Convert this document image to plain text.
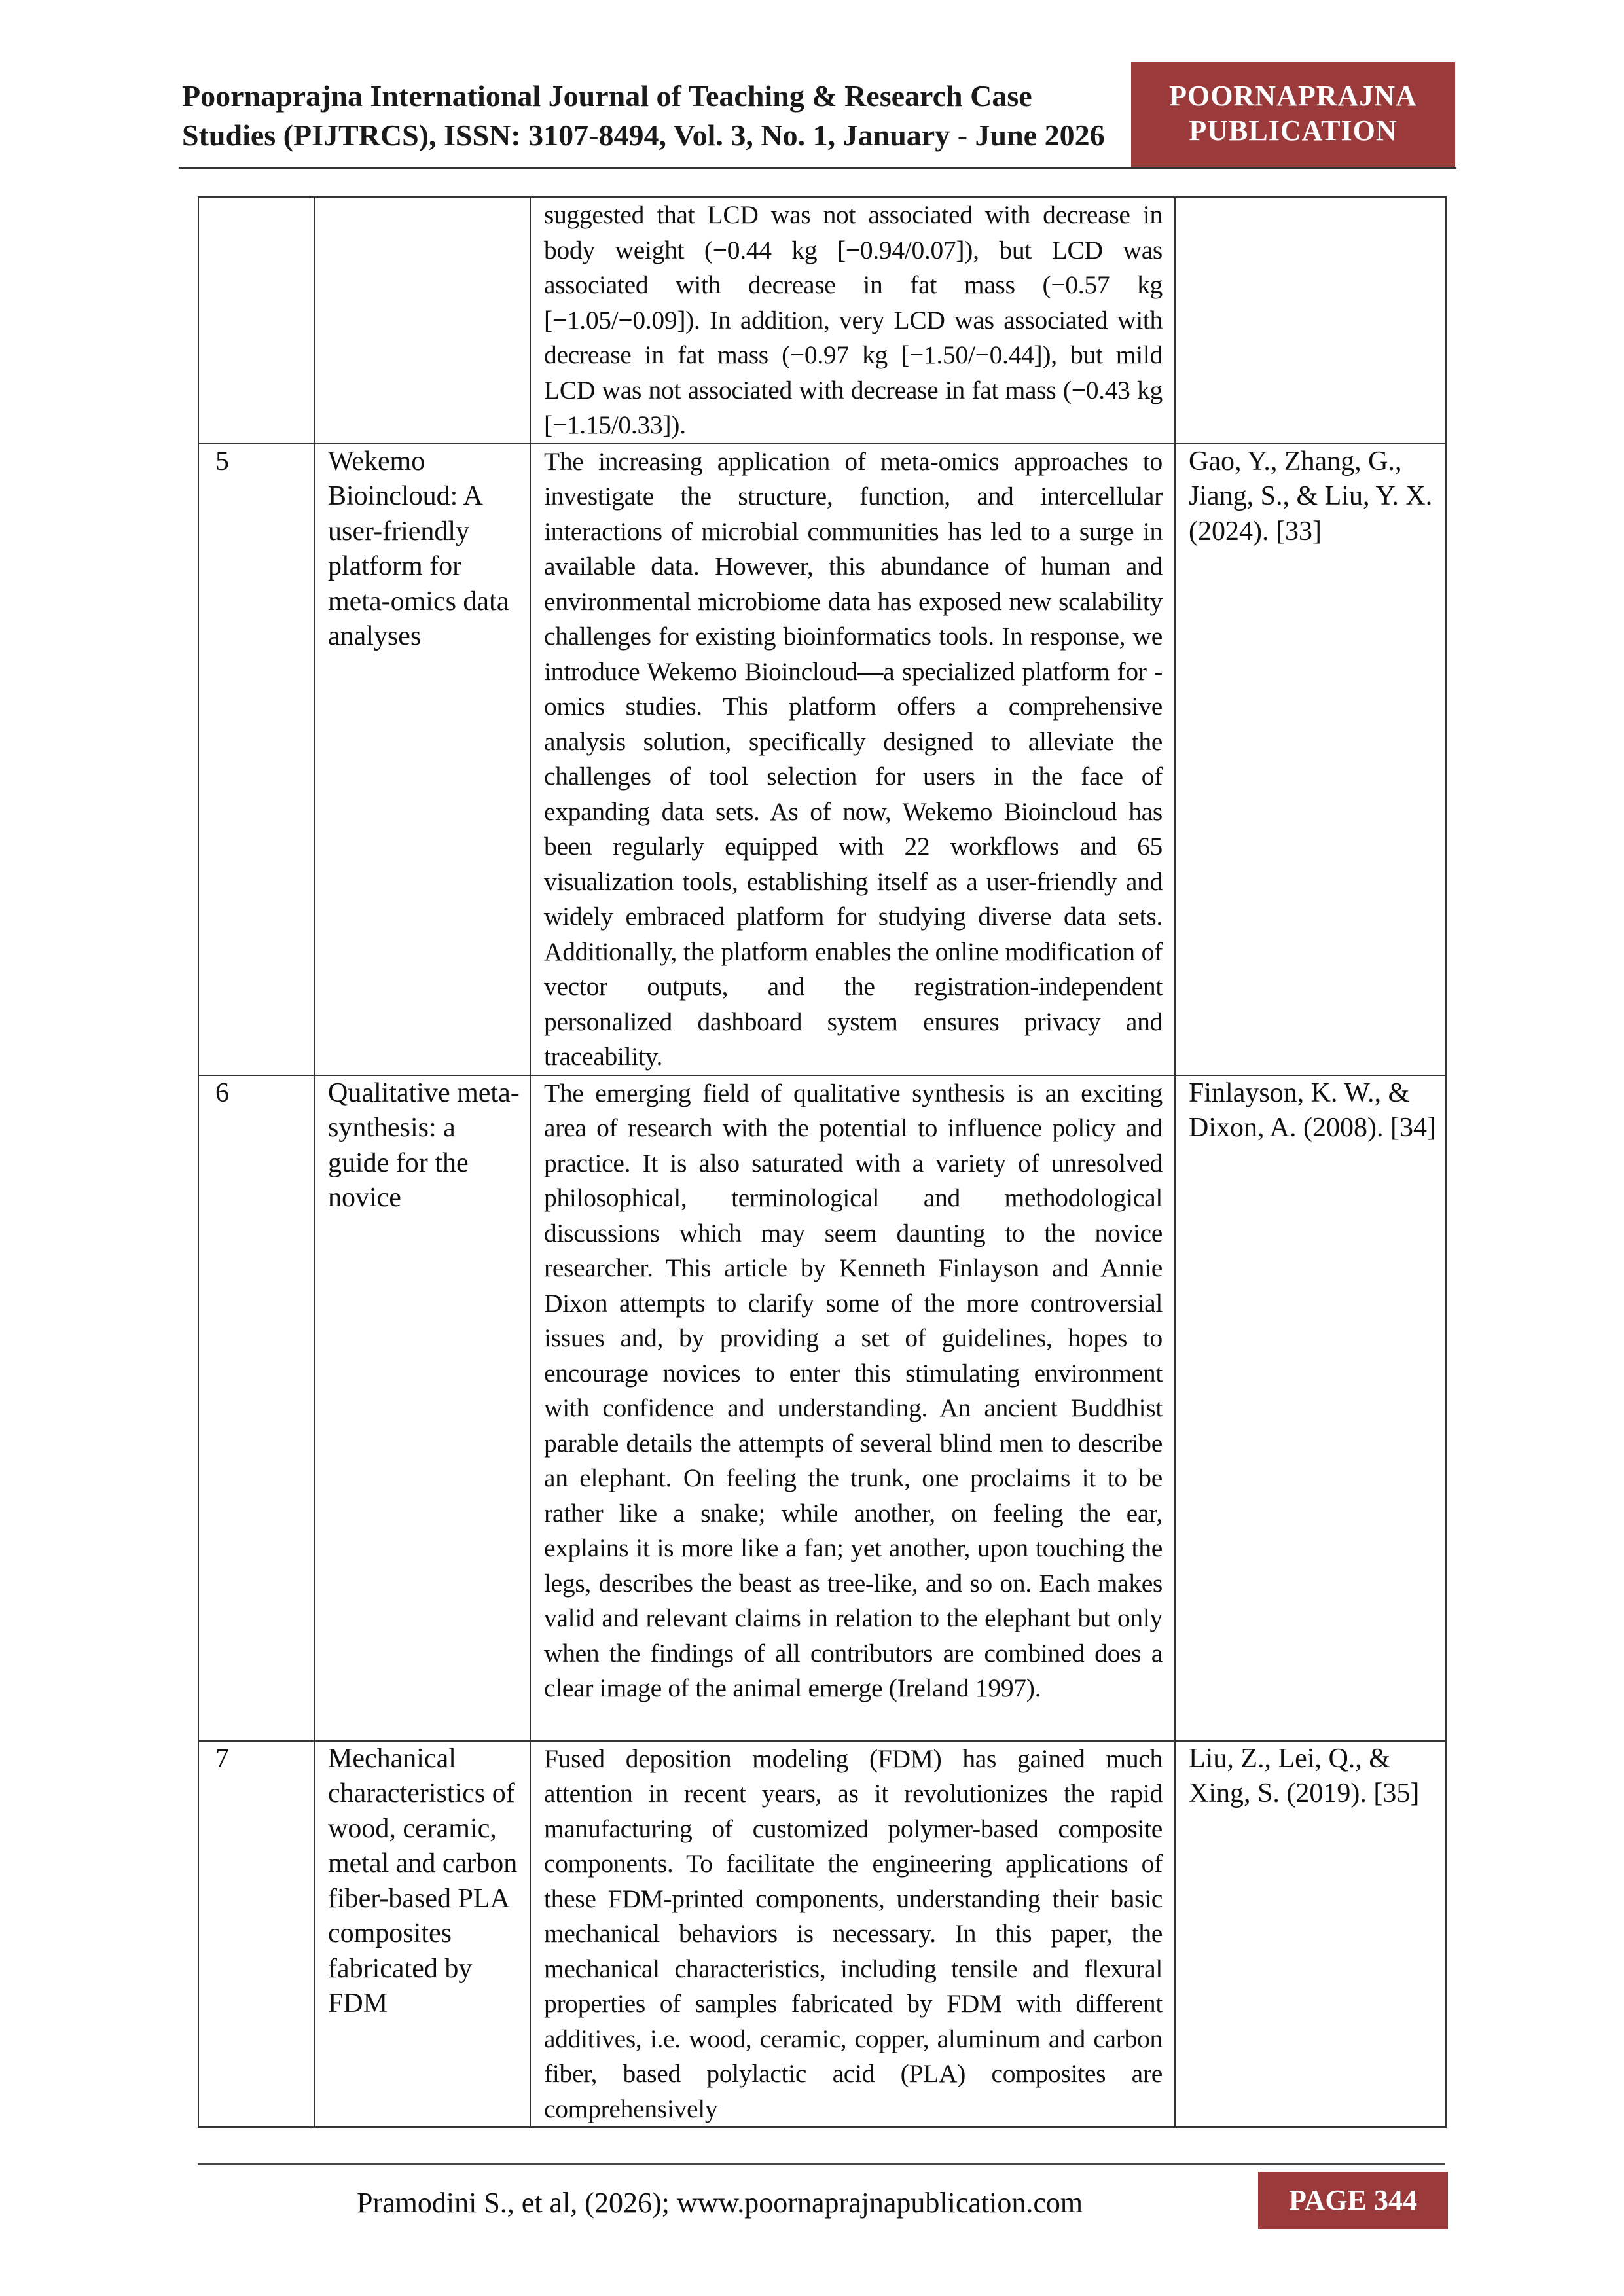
Poornaprajna International Journal of Teaching & Research Case
Studies (PIJTRCS), ISSN: 3107-8494, Vol. 3, No. 1, January - June 2026
POORNAPRAJNA
PUBLICATION
		suggested that LCD was not associated with decrease in body weight (−0.44 kg [−0.94/0.07]), but LCD was associated with decrease in fat mass (−0.57 kg [−1.05/−0.09]). In addition, very LCD was associated with decrease in fat mass (−0.97 kg [−1.50/−0.44]), but mild LCD was not associated with decrease in fat mass (−0.43 kg [−1.15/0.33]).	
5	Wekemo Bioincloud: A user-friendly platform for meta-omics data analyses	The increasing application of meta-omics approaches to investigate the structure, function, and intercellular interactions of microbial communities has led to a surge in available data. However, this abundance of human and environmental microbiome data has exposed new scalability challenges for existing bioinformatics tools. In response, we introduce Wekemo Bioincloud—a specialized platform for -omics studies. This platform offers a comprehensive analysis solution, specifically designed to alleviate the challenges of tool selection for users in the face of expanding data sets. As of now, Wekemo Bioincloud has been regularly equipped with 22 workflows and 65 visualization tools, establishing itself as a user-friendly and widely embraced platform for studying diverse data sets. Additionally, the platform enables the online modification of vector outputs, and the registration-independent personalized dashboard system ensures privacy and traceability.	Gao, Y., Zhang, G., Jiang, S., & Liu, Y. X. (2024). [33]
6	Qualitative meta-synthesis: a guide for the novice	The emerging field of qualitative synthesis is an exciting area of research with the potential to influence policy and practice. It is also saturated with a variety of unresolved philosophical, terminological and methodological discussions which may seem daunting to the novice researcher. This article by Kenneth Finlayson and Annie Dixon attempts to clarify some of the more controversial issues and, by providing a set of guidelines, hopes to encourage novices to enter this stimulating environment with confidence and understanding. An ancient Buddhist parable details the attempts of several blind men to describe an elephant. On feeling the trunk, one proclaims it to be rather like a snake; while another, on feeling the ear, explains it is more like a fan; yet another, upon touching the legs, describes the beast as tree-like, and so on. Each makes valid and relevant claims in relation to the elephant but only when the findings of all contributors are combined does a clear image of the animal emerge (Ireland 1997).	Finlayson, K. W., & Dixon, A. (2008). [34]
7	Mechanical characteristics of wood, ceramic, metal and carbon fiber-based PLA composites fabricated by FDM	Fused deposition modeling (FDM) has gained much attention in recent years, as it revolutionizes the rapid manufacturing of customized polymer-based composite components. To facilitate the engineering applications of these FDM-printed components, understanding their basic mechanical behaviors is necessary. In this paper, the mechanical characteristics, including tensile and flexural properties of samples fabricated by FDM with different additives, i.e. wood, ceramic, copper, aluminum and carbon fiber, based polylactic acid (PLA) composites are comprehensively	Liu, Z., Lei, Q., & Xing, S. (2019). [35]
Pramodini S., et al, (2026); www.poornaprajnapublication.com	PAGE 344
